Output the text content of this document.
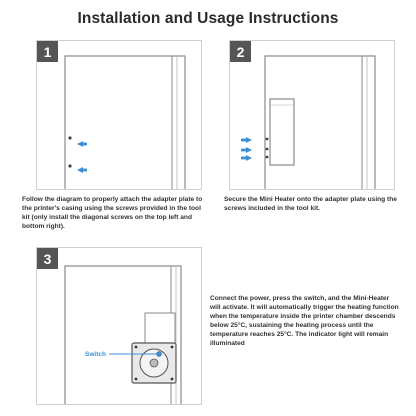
Installation and Usage Instructions
1	2
3
Switch
Follow the diagram to properly attach the adapter plate to the printer's casing using the screws provided in the tool kit (only install the diagonal screws on the top left and bottom right).
Secure the Mini Heater onto the adapter plate using the screws included in the tool kit.
Connect the power, press the switch, and the Mini-Heater will activate. It will automatically trigger the heating function when the temperature inside the printer chamber descends below 25°C, sustaining the heating process until the temperature reaches 25°C. The indicator light will remain illuminated
